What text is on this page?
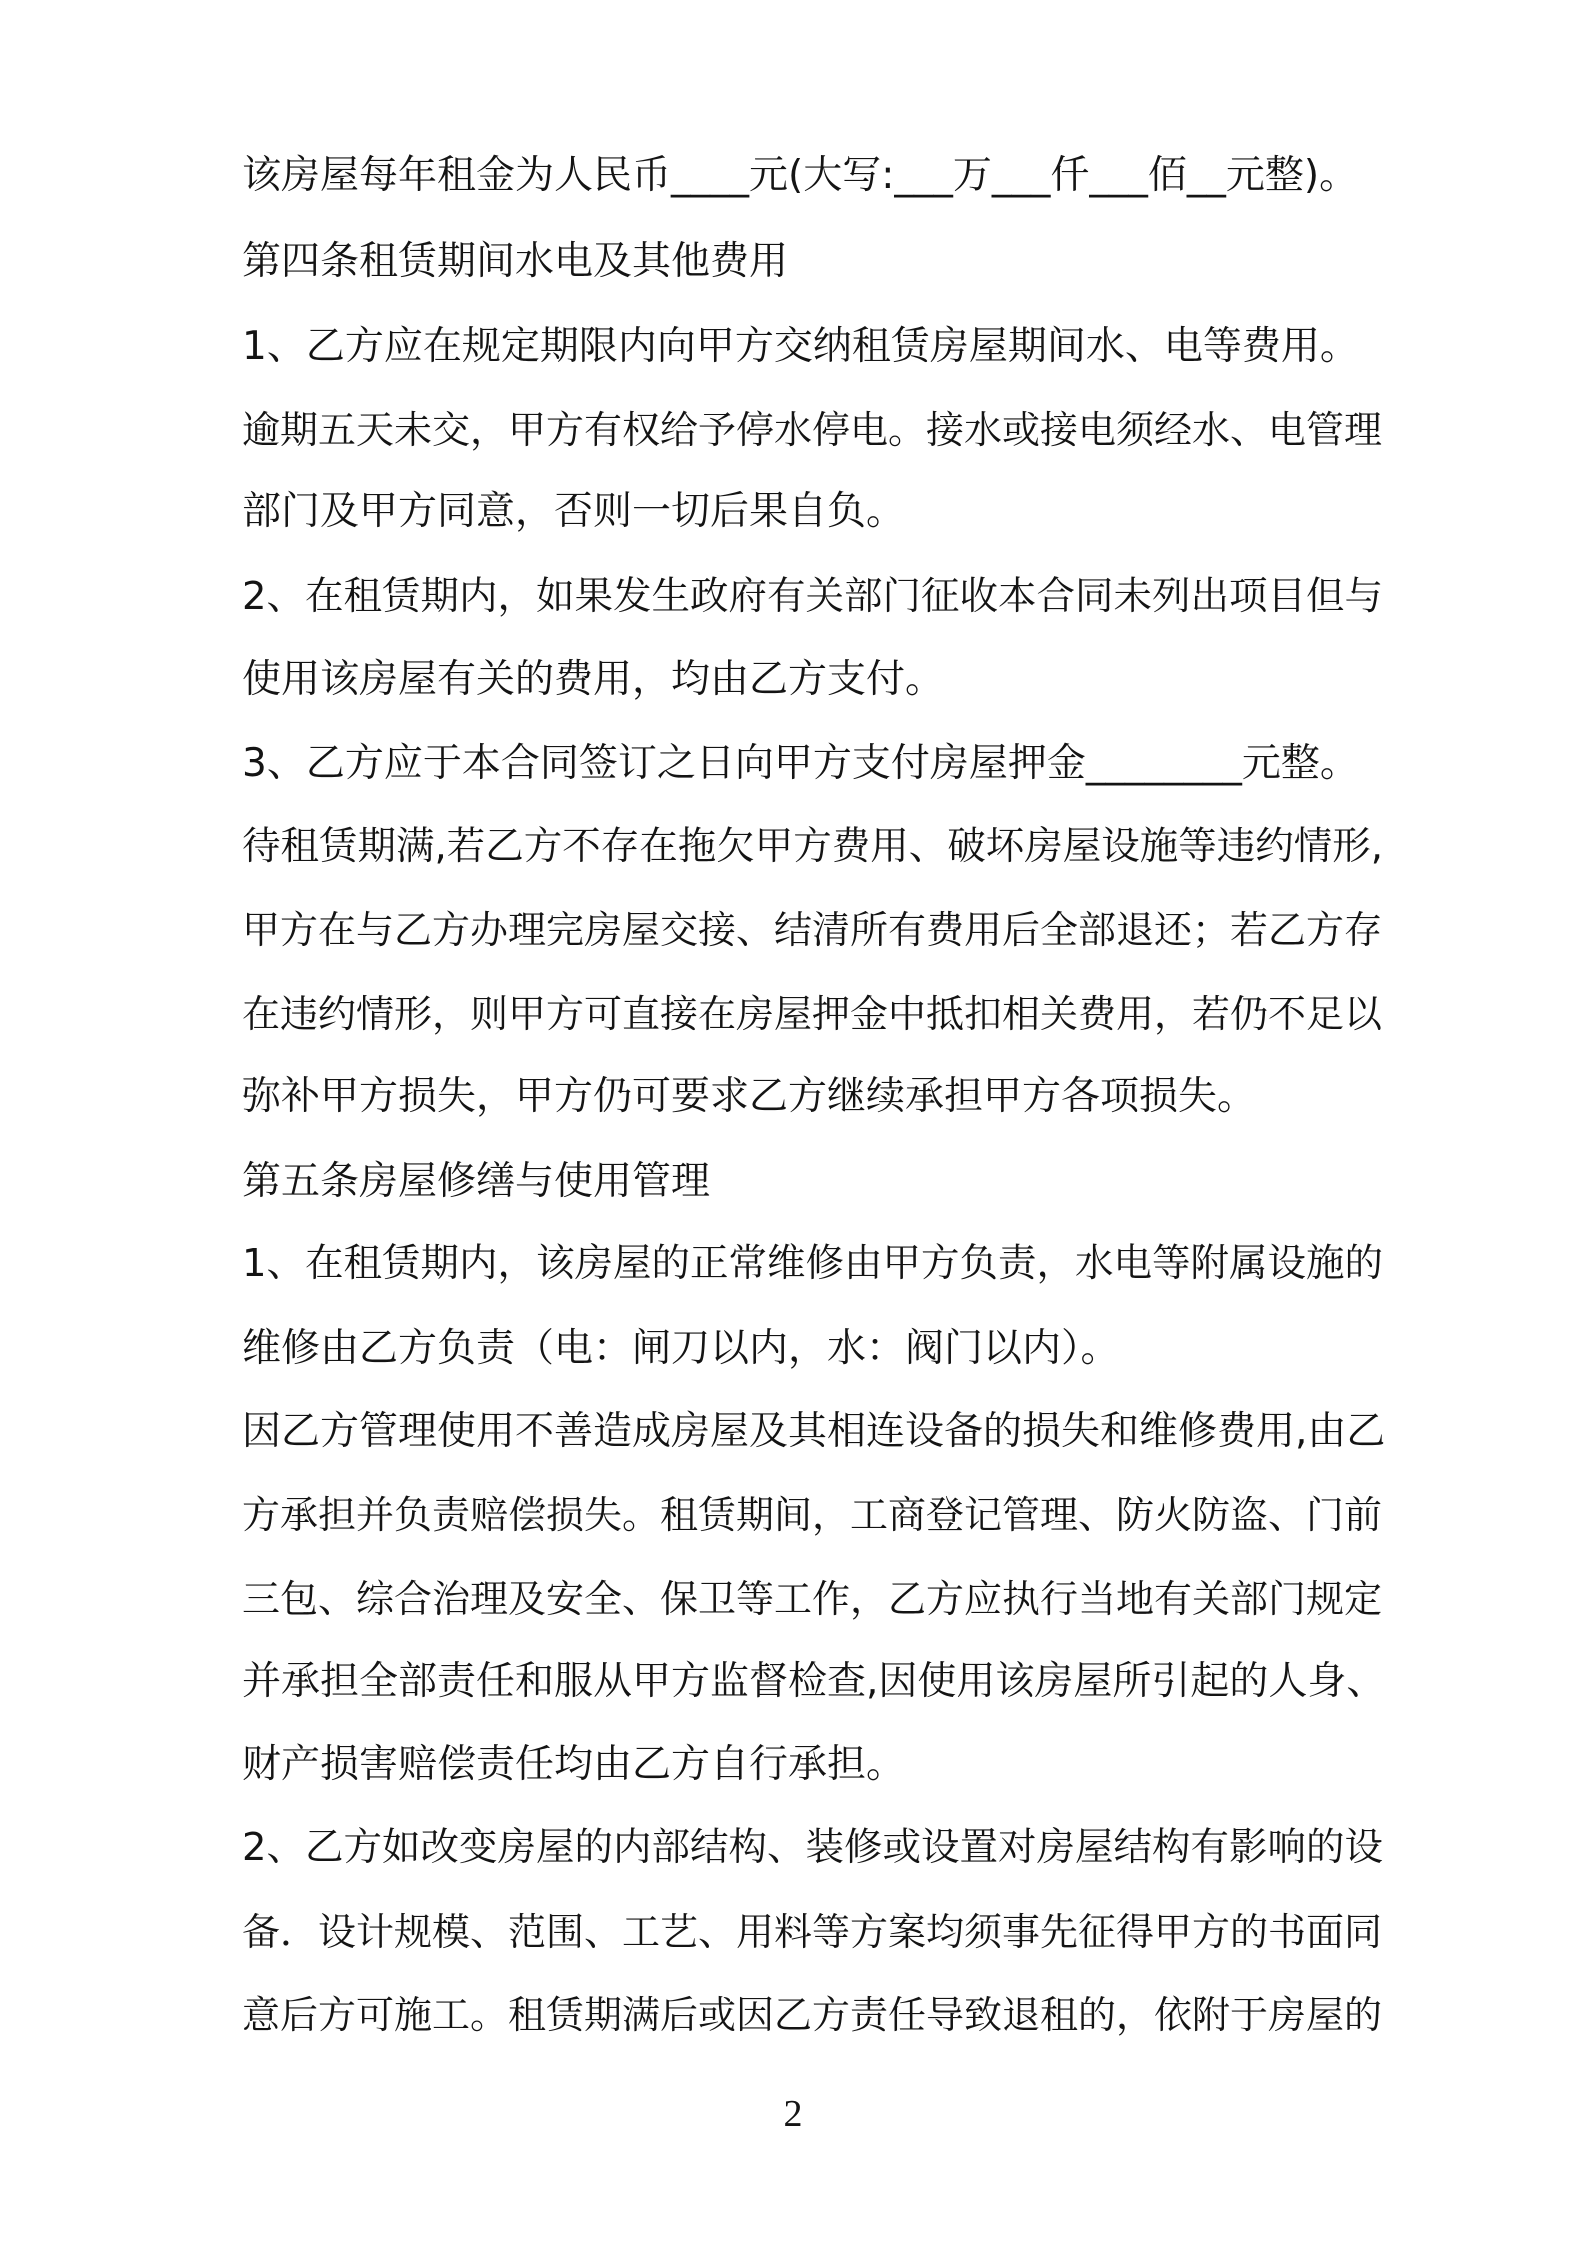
该房屋每年租金为人民币____元(大写:___万___仟___佰__元整)。
第四条租赁期间水电及其他费用
1、乙方应在规定期限内向甲方交纳租赁房屋期间水、电等费用。
逾期五天未交，甲方有权给予停水停电。接水或接电须经水、电管理
部门及甲方同意，否则一切后果自负。
2、在租赁期内，如果发生政府有关部门征收本合同未列出项目但与
使用该房屋有关的费用，均由乙方支付。
3、乙方应于本合同签订之日向甲方支付房屋押金________元整。
待租赁期满,若乙方不存在拖欠甲方费用、破坏房屋设施等违约情形,
甲方在与乙方办理完房屋交接、结清所有费用后全部退还；若乙方存
在违约情形，则甲方可直接在房屋押金中抵扣相关费用，若仍不足以
弥补甲方损失，甲方仍可要求乙方继续承担甲方各项损失。
第五条房屋修缮与使用管理
1、在租赁期内，该房屋的正常维修由甲方负责，水电等附属设施的
维修由乙方负责（电：闸刀以内，水：阀门以内）。
因乙方管理使用不善造成房屋及其相连设备的损失和维修费用,由乙
方承担并负责赔偿损失。租赁期间，工商登记管理、防火防盗、门前
三包、综合治理及安全、保卫等工作，乙方应执行当地有关部门规定
并承担全部责任和服从甲方监督检查,因使用该房屋所引起的人身、
财产损害赔偿责任均由乙方自行承担。
2、乙方如改变房屋的内部结构、装修或设置对房屋结构有影响的设
备．设计规模、范围、工艺、用料等方案均须事先征得甲方的书面同
意后方可施工。租赁期满后或因乙方责任导致退租的，依附于房屋的
2
